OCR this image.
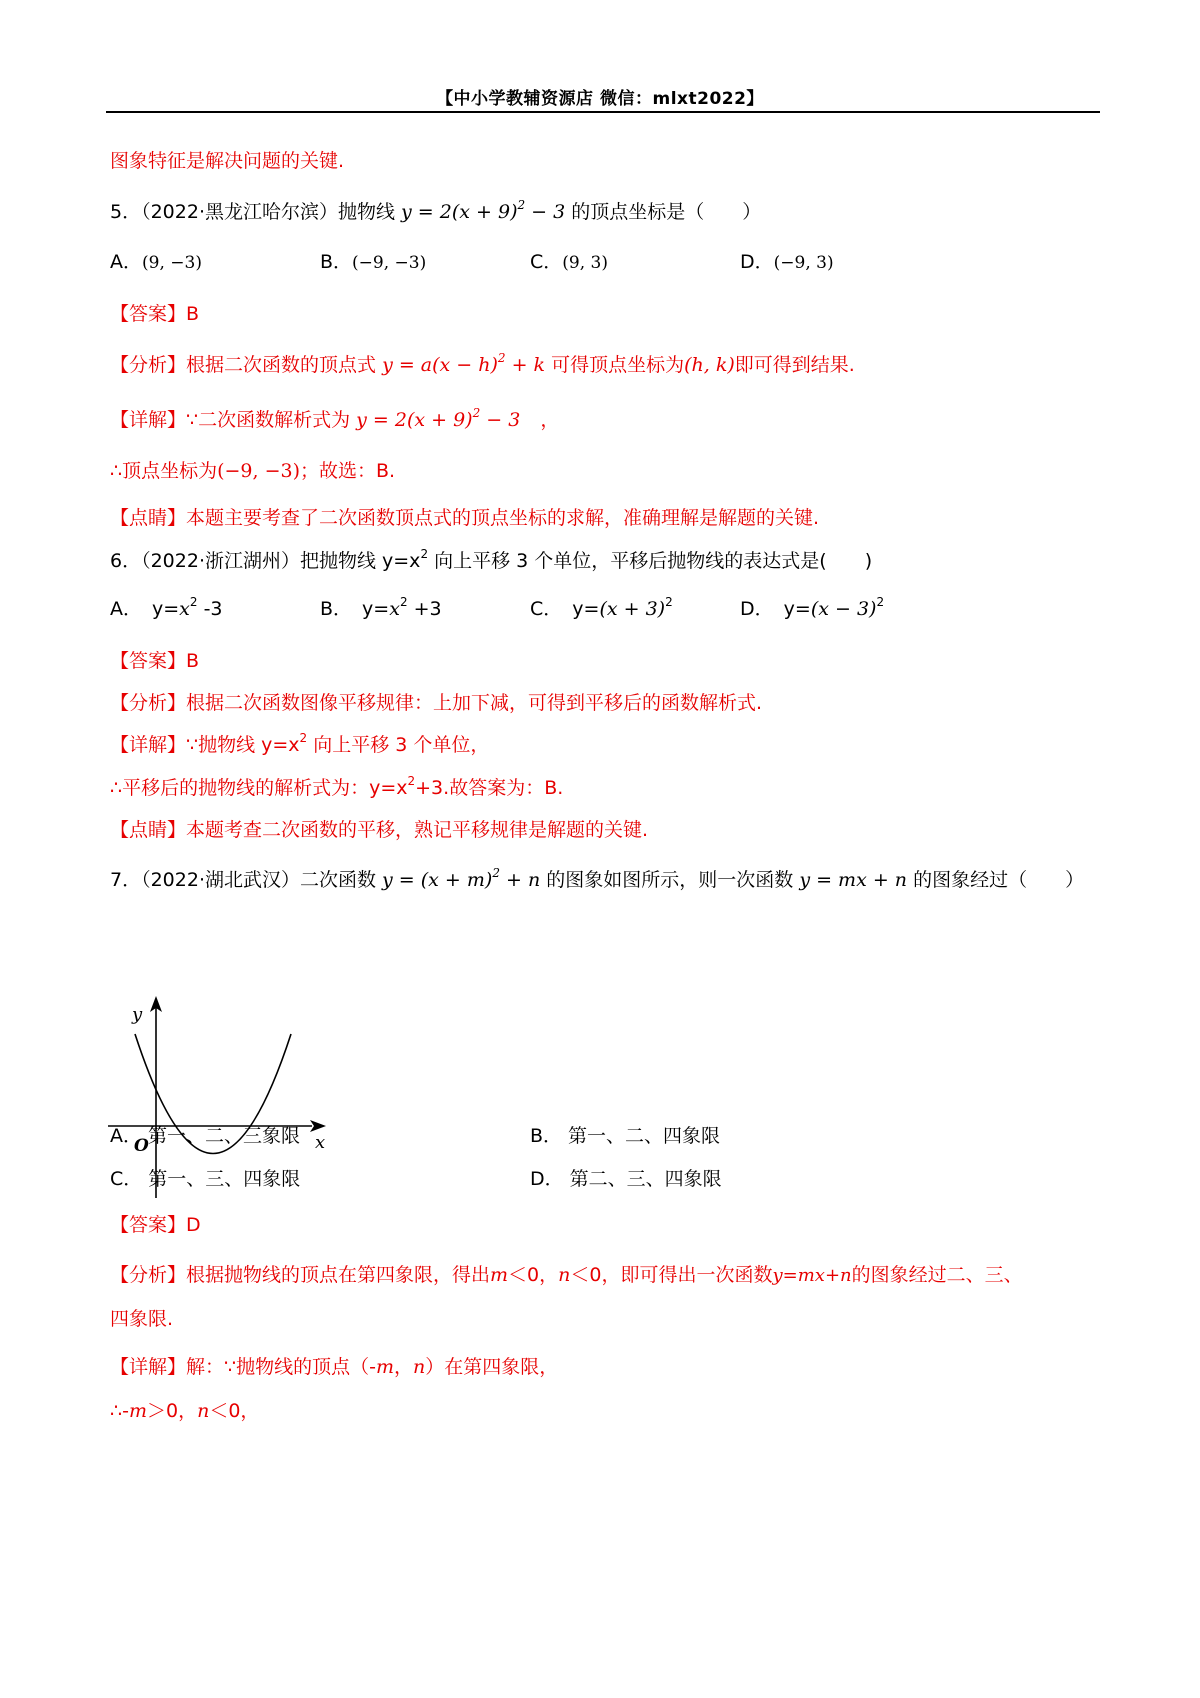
【中小学教辅资源店 微信：mlxt2022】
图象特征是解决问题的关键.
5．（2022·黑龙江哈尔滨）抛物线 $y = 2(x + 9)^2 - 3$ 的顶点坐标是（　　）
A．(9, −3)	B．(−9, −3)	C．(9, 3)	D．(−9, 3)
【答案】B
【分析】根据二次函数的顶点式 $y = a(x - h)^2 + k$ 可得顶点坐标为(h, k)即可得到结果.
【详解】∵二次函数解析式为 $y = 2(x + 9)^2 - 3$ ，
∴顶点坐标为(−9, −3)；故选：B.
【点睛】本题主要考查了二次函数顶点式的顶点坐标的求解，准确理解是解题的关键.
6．（2022·浙江湖州）把抛物线 $y=x^2$ 向上平移 3 个单位，平移后抛物线的表达式是(　　)
A． $y=x^2$ -3	B． $y=x^2 +3$	C． $y=(x + 3)^2$	D． $y=(x - 3)^2$
【答案】B
【分析】根据二次函数图像平移规律：上加下减，可得到平移后的函数解析式.
【详解】∵抛物线 $y=x^2$ 向上平移 3 个单位，
∴平移后的抛物线的解析式为：$y=x^2+3$.故答案为：B.
【点睛】本题考查二次函数的平移，熟记平移规律是解题的关键.
7．（2022·湖北武汉）二次函数 $y = (x + m)^2 + n$ 的图象如图所示，则一次函数 y = mx + n 的图象经过（　　）
y
x
O
A． 第一、二、三象限	B． 第一、二、四象限
C． 第一、三、四象限	D． 第二、三、四象限
【答案】D
【分析】根据抛物线的顶点在第四象限，得出m＜0，n＜0，即可得出一次函数y=mx+n的图象经过二、三、
四象限.
【详解】解：∵抛物线的顶点（-m，n）在第四象限，
∴-m＞0，n＜0，
